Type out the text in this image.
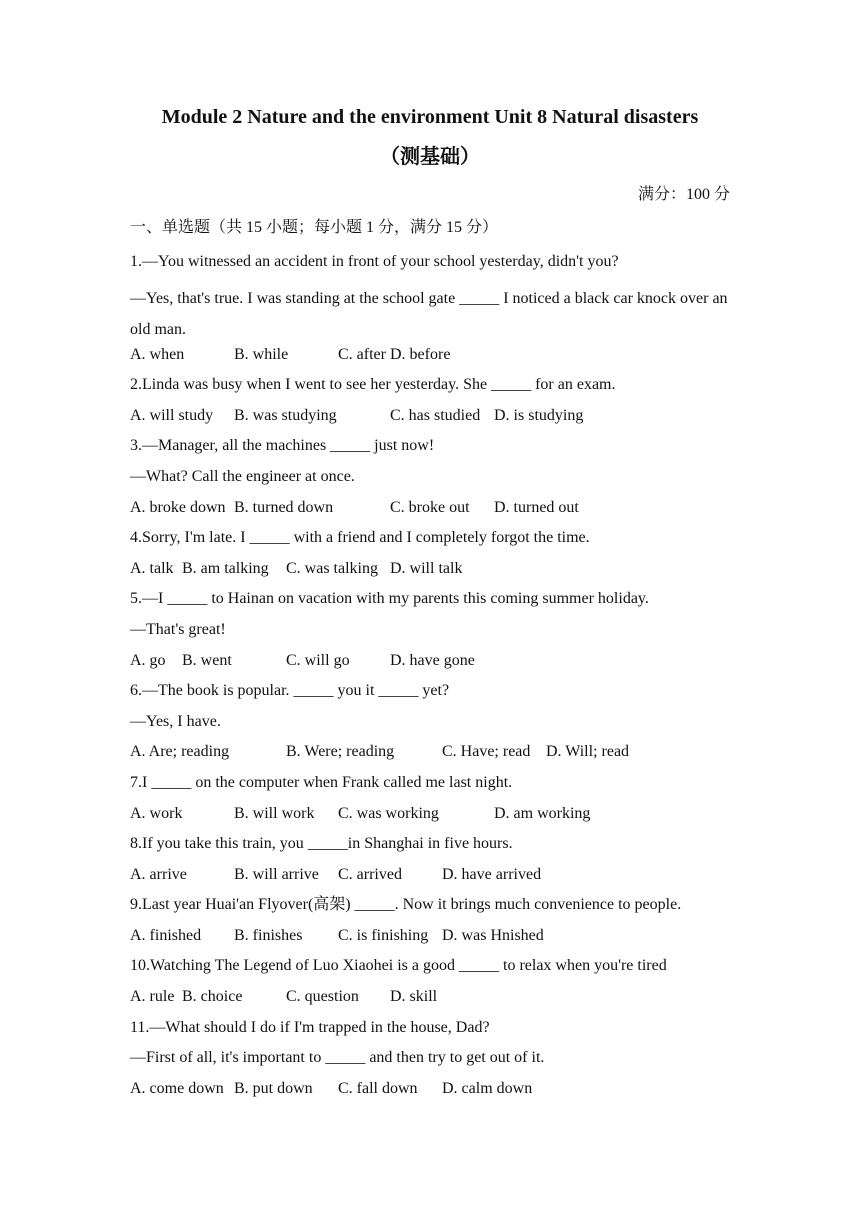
Module 2 Nature and the environment Unit 8 Natural disasters
（测基础）
满分：100 分
一、单选题（共 15 小题；每小题 1 分，满分 15 分）
1.—You witnessed an accident in front of your school yesterday, didn't you?
—Yes, that's true. I was standing at the school gate _____ I noticed a black car knock over an old man.
A. when	B. while	C. after D. before
2.Linda was busy when I went to see her yesterday. She _____ for an exam.
A. will study	B. was studying	C. has studied D. is studying
3.—Manager, all the machines _____ just now!
—What? Call the engineer at once.
A. broke down B. turned down	C. broke out	D. turned out
4.Sorry, I'm late. I _____ with a friend and I completely forgot the time.
A. talk B. am talking	C. was talking D. will talk
5.—I _____ to Hainan on vacation with my parents this coming summer holiday.
—That's great!
A. go	B. went	C. will go	D. have gone
6.—The book is popular. _____ you it _____ yet?
—Yes, I have.
A. Are; reading	B. Were; reading	C. Have; read D. Will; read
7.I _____ on the computer when Frank called me last night.
A. work	B. will work	C. was working	D. am working
8.If you take this train, you _____in Shanghai in five hours.
A. arrive	B. will arrive	C. arrived	D. have arrived
9.Last year Huai'an Flyover(高架) _____. Now it brings much convenience to people.
A. finished	B. finishes	C. is finishing D. was Hnished
10.Watching The Legend of Luo Xiaohei is a good _____ to relax when you're tired
A. rule B. choice	C. question	D. skill
11.—What should I do if I'm trapped in the house, Dad?
—First of all, it's important to _____ and then try to get out of it.
A. come down B. put down	C. fall down	D. calm down
